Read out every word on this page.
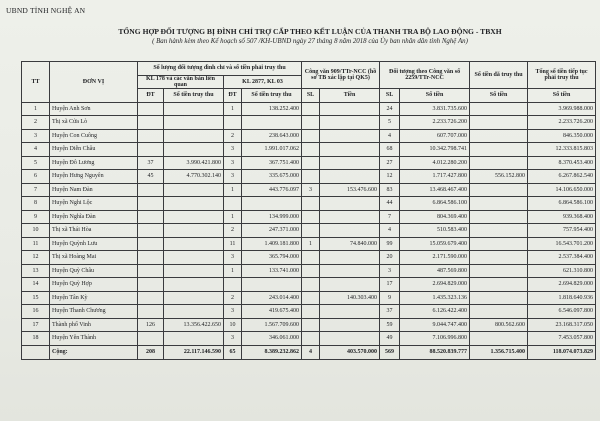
UBND TỈNH NGHỆ AN
TỔNG HỢP ĐỐI TƯỢNG BỊ ĐÌNH CHỈ TRỢ CẤP THEO KẾT LUẬN CỦA THANH TRA BỘ LAO ĐỘNG - TBXH
( Ban hành kèm theo Kế hoạch số 507 /KH-UBND ngày 27 tháng 8 năm 2018 của Ủy ban nhân dân tỉnh Nghệ An)
TT	ĐƠN VỊ	Số lượng đối tượng đình chỉ và số tiền phải truy thu				Công văn 909/TTr-NCC (hồ sơ TB xác lập tại QK5)		Đối tượng theo Công văn số 2259/TTr-NCC		Số tiền đã truy thu	Tổng số tiền tiếp tục phải truy thu
		KL 178 và các văn bản liên quan		KL 2877, KL 03							
		ĐT	Số tiền truy thu	ĐT	Số tiền truy thu	SL	Tiền	SL	Số tiền	Số tiền	Số tiền
1	Huyện Anh Sơn			1	138.252.400			24	3.831.735.600		3.969.988.000
2	Thị xã Cửa Lò							5	2.233.726.200		2.233.726.200
3	Huyện Con Cuông			2	238.643.000			4	607.707.000		846.350.000
4	Huyện Diễn Châu			3	1.991.017.062			68	10.342.798.741		12.333.815.803
5	Huyện Đô Lương	37	3.990.421.800	3	367.751.400			27	4.012.280.200		8.370.453.400
6	Huyện Hưng Nguyên	45	4.770.302.140	3	335.675.000			12	1.717.427.800	556.152.800	6.267.862.540
7	Huyện Nam Đàn			1	443.776.097	3	153.476.600	83	13.468.467.400		14.106.650.000
8	Huyện Nghi Lộc							44	6.864.586.100		6.864.586.100
9	Huyện Nghĩa Đàn			1	134.999.000			7	804.369.400		939.368.400
10	Thị xã Thái Hòa			2	247.371.000			4	510.583.400		757.954.400
11	Huyện Quỳnh Lưu			11	1.409.181.800	1	74.840.000	99	15.059.679.400		16.543.701.200
12	Thị xã Hoàng Mai			3	365.794.000			20	2.171.590.000		2.537.384.400
13	Huyện Quỳ Châu			1	133.741.000			3	487.569.800		621.310.800
14	Huyện Quỳ Hợp							17	2.694.829.000		2.694.829.000
15	Huyện Tân Kỳ			2	243.014.400		140.303.400	9	1.435.323.136		1.818.640.936
16	Huyện Thanh Chương			3	419.675.400			37	6.126.422.400		6.546.097.800
17	Thành phố Vinh	126	13.356.422.650	10	1.567.709.600			59	9.044.747.400	800.562.600	23.168.317.050
18	Huyện Yên Thành			3	346.061.000			49	7.106.996.800		7.453.057.800
	Cộng:	208	22.117.146.590	65	8.389.232.862	4	403.570.000	569	88.520.839.777	1.356.715.400	118.074.073.829
